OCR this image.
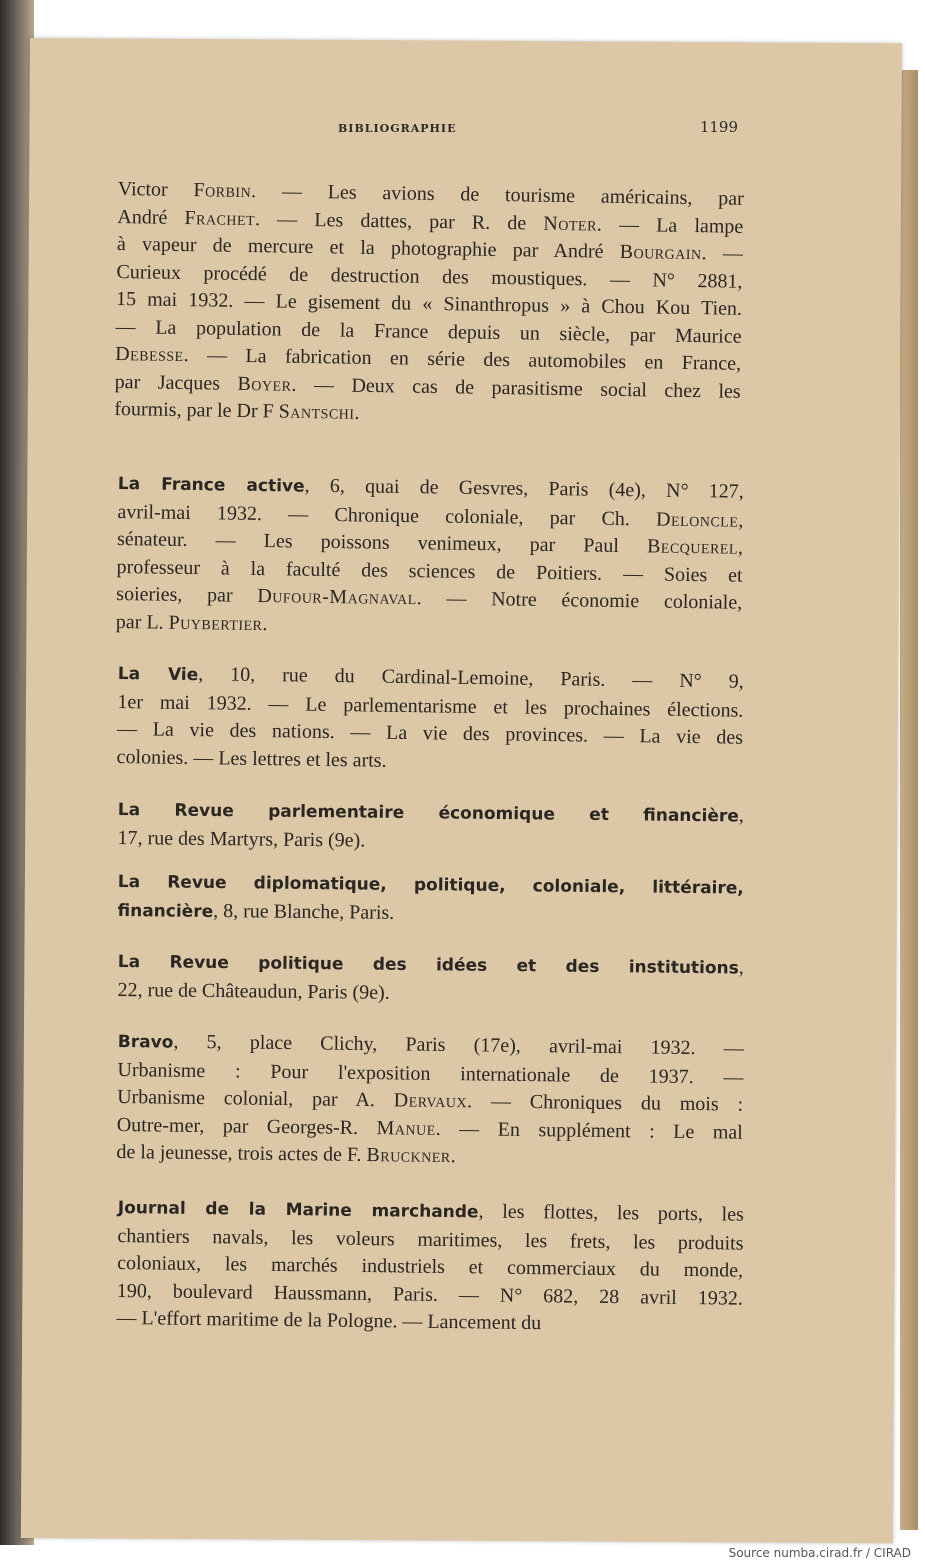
BIBLIOGRAPHIE	1199
Victor Forbin. — Les avions de tourisme américains, par
André Frachet. — Les dattes, par R. de Noter. — La lampe
à vapeur de mercure et la photographie par André Bourgain. —
Curieux procédé de destruction des moustiques. — N° 2881,
15 mai 1932. — Le gisement du « Sinanthropus » à Chou Kou Tien.
— La population de la France depuis un siècle, par Maurice
Debesse. — La fabrication en série des automobiles en France,
par Jacques Boyer. — Deux cas de parasitisme social chez les
fourmis, par le Dr F Santschi.
La France active, 6, quai de Gesvres, Paris (4e), N° 127,
avril-mai 1932. — Chronique coloniale, par Ch. Deloncle,
sénateur. — Les poissons venimeux, par Paul Becquerel,
professeur à la faculté des sciences de Poitiers. — Soies et
soieries, par Dufour-Magnaval. — Notre économie coloniale,
par L. Puybertier.
La Vie, 10, rue du Cardinal-Lemoine, Paris. — N° 9,
1er mai 1932. — Le parlementarisme et les prochaines élections.
— La vie des nations. — La vie des provinces. — La vie des
colonies. — Les lettres et les arts.
La Revue parlementaire économique et financière,
17, rue des Martyrs, Paris (9e).
La Revue diplomatique, politique, coloniale, littéraire,
financière, 8, rue Blanche, Paris.
La Revue politique des idées et des institutions,
22, rue de Châteaudun, Paris (9e).
Bravo, 5, place Clichy, Paris (17e), avril-mai 1932. —
Urbanisme : Pour l'exposition internationale de 1937. —
Urbanisme colonial, par A. Dervaux. — Chroniques du mois :
Outre-mer, par Georges-R. Manue. — En supplément : Le mal
de la jeunesse, trois actes de F. Bruckner.
Journal de la Marine marchande, les flottes, les ports, les
chantiers navals, les voleurs maritimes, les frets, les produits
coloniaux, les marchés industriels et commerciaux du monde,
190, boulevard Haussmann, Paris. — N° 682, 28 avril 1932.
— L'effort maritime de la Pologne. — Lancement du
Source numba.cirad.fr / CIRAD
